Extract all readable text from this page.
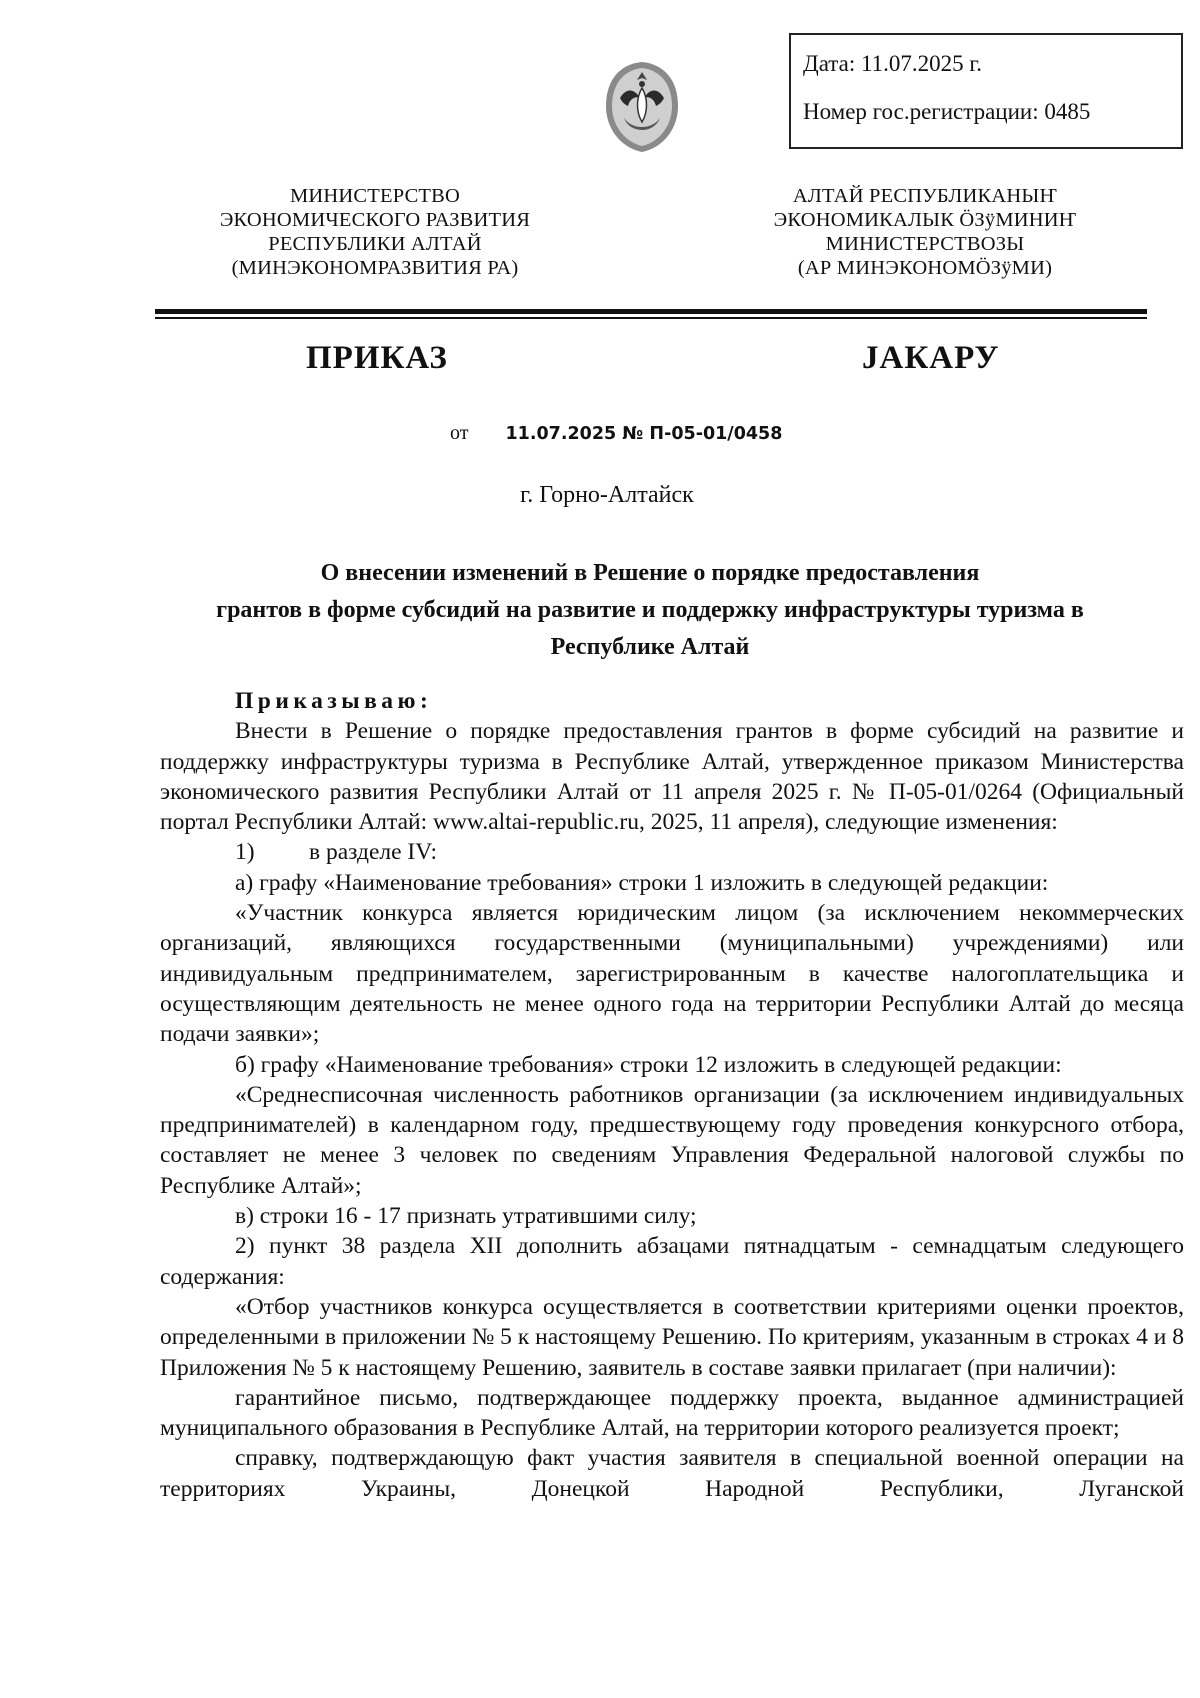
Дата: 11.07.2025 г.
Номер гос.регистрации: 0485
МИНИСТЕРСТВО
ЭКОНОМИЧЕСКОГО РАЗВИТИЯ
РЕСПУБЛИКИ АЛТАЙ
(МИНЭКОНОМРАЗВИТИЯ РА)
АЛТАЙ РЕСПУБЛИКАНЫҤ
ЭКОНОМИКАЛЫК ÖЗÿМИНИҤ
МИНИСТЕРСТВОЗЫ
(АР МИНЭКОНОМÖЗÿМИ)
ПРИКАЗ	ЈАКАРУ
от 11.07.2025 № П-05-01/0458
г. Горно-Алтайск
О внесении изменений в Решение о порядке предоставления
грантов в форме субсидий на развитие и поддержку инфраструктуры туризма в
Республике Алтай
Приказываю:
Внести в Решение о порядке предоставления грантов в форме субсидий на развитие и поддержку инфраструктуры туризма в Республике Алтай, утвержденное приказом Министерства экономического развития Республики Алтай от 11 апреля 2025 г. № П-05-01/0264 (Официальный портал Республики Алтай: www.altai-republic.ru, 2025, 11 апреля), следующие изменения:
1) в разделе IV:
а) графу «Наименование требования» строки 1 изложить в следующей редакции:
«Участник конкурса является юридическим лицом (за исключением некоммерческих организаций, являющихся государственными (муниципальными) учреждениями) или индивидуальным предпринимателем, зарегистрированным в качестве налогоплательщика и осуществляющим деятельность не менее одного года на территории Республики Алтай до месяца подачи заявки»;
б) графу «Наименование требования» строки 12 изложить в следующей редакции:
«Среднесписочная численность работников организации (за исключением индивидуальных предпринимателей) в календарном году, предшествующему году проведения конкурсного отбора, составляет не менее 3 человек по сведениям Управления Федеральной налоговой службы по Республике Алтай»;
в) строки 16 - 17 признать утратившими силу;
2) пункт 38 раздела XII дополнить абзацами пятнадцатым - семнадцатым следующего содержания:
«Отбор участников конкурса осуществляется в соответствии критериями оценки проектов, определенными в приложении № 5 к настоящему Решению. По критериям, указанным в строках 4 и 8 Приложения № 5 к настоящему Решению, заявитель в составе заявки прилагает (при наличии):
гарантийное письмо, подтверждающее поддержку проекта, выданное администрацией муниципального образования в Республике Алтай, на территории которого реализуется проект;
справку, подтверждающую факт участия заявителя в специальной военной операции на территориях Украины, Донецкой Народной Республики, Луганской
